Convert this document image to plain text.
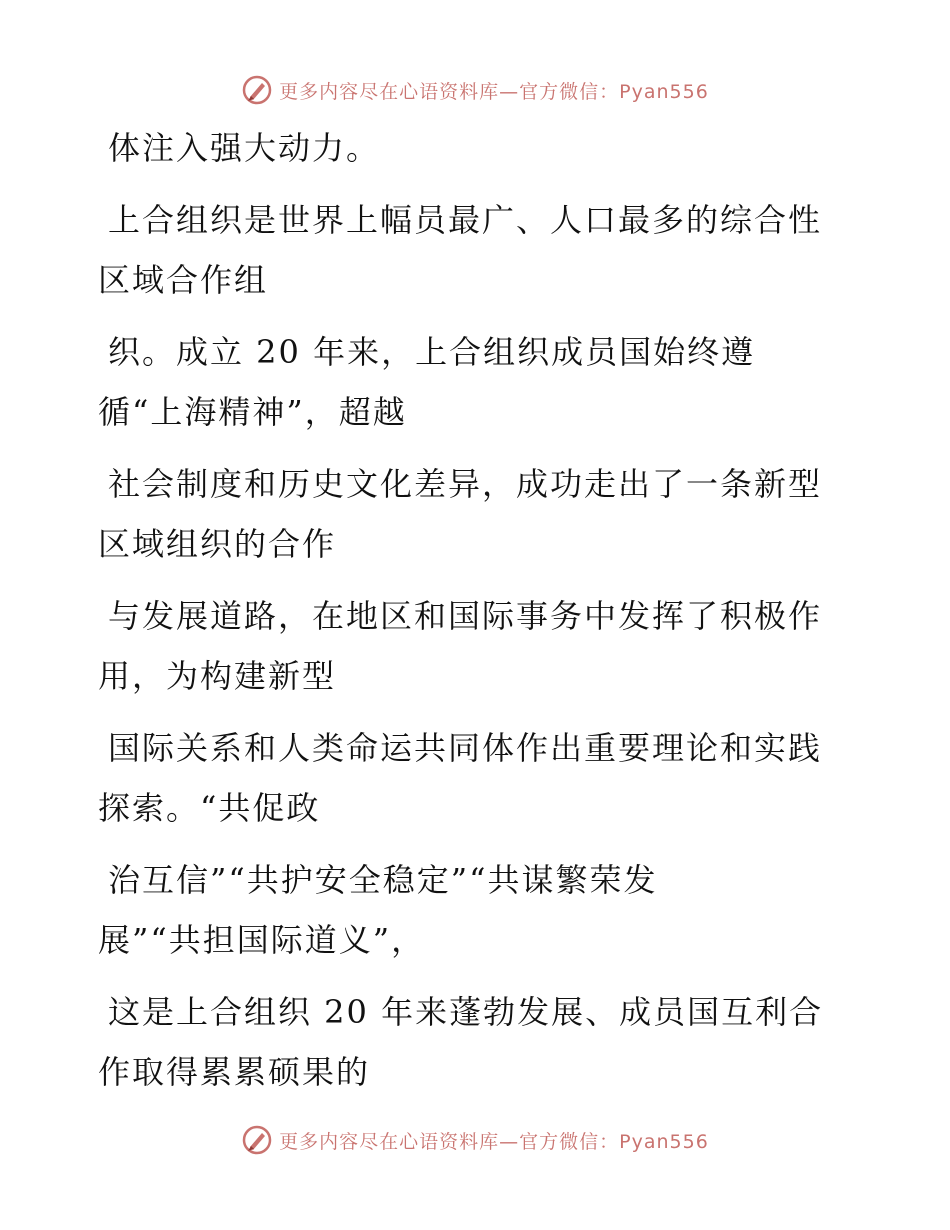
更多内容尽在心语资料库—官方微信：Pyan556
体注入强大动力。
上合组织是世界上幅员最广、人口最多的综合性
区域合作组
织。成立 20 年来，上合组织成员国始终遵
循“上海精神”，超越
社会制度和历史文化差异，成功走出了一条新型
区域组织的合作
与发展道路，在地区和国际事务中发挥了积极作
用，为构建新型
国际关系和人类命运共同体作出重要理论和实践
探索。“共促政
治互信”“共护安全稳定”“共谋繁荣发
展”“共担国际道义”，
这是上合组织 20 年来蓬勃发展、成员国互利合
作取得累累硕果的
更多内容尽在心语资料库—官方微信：Pyan556
